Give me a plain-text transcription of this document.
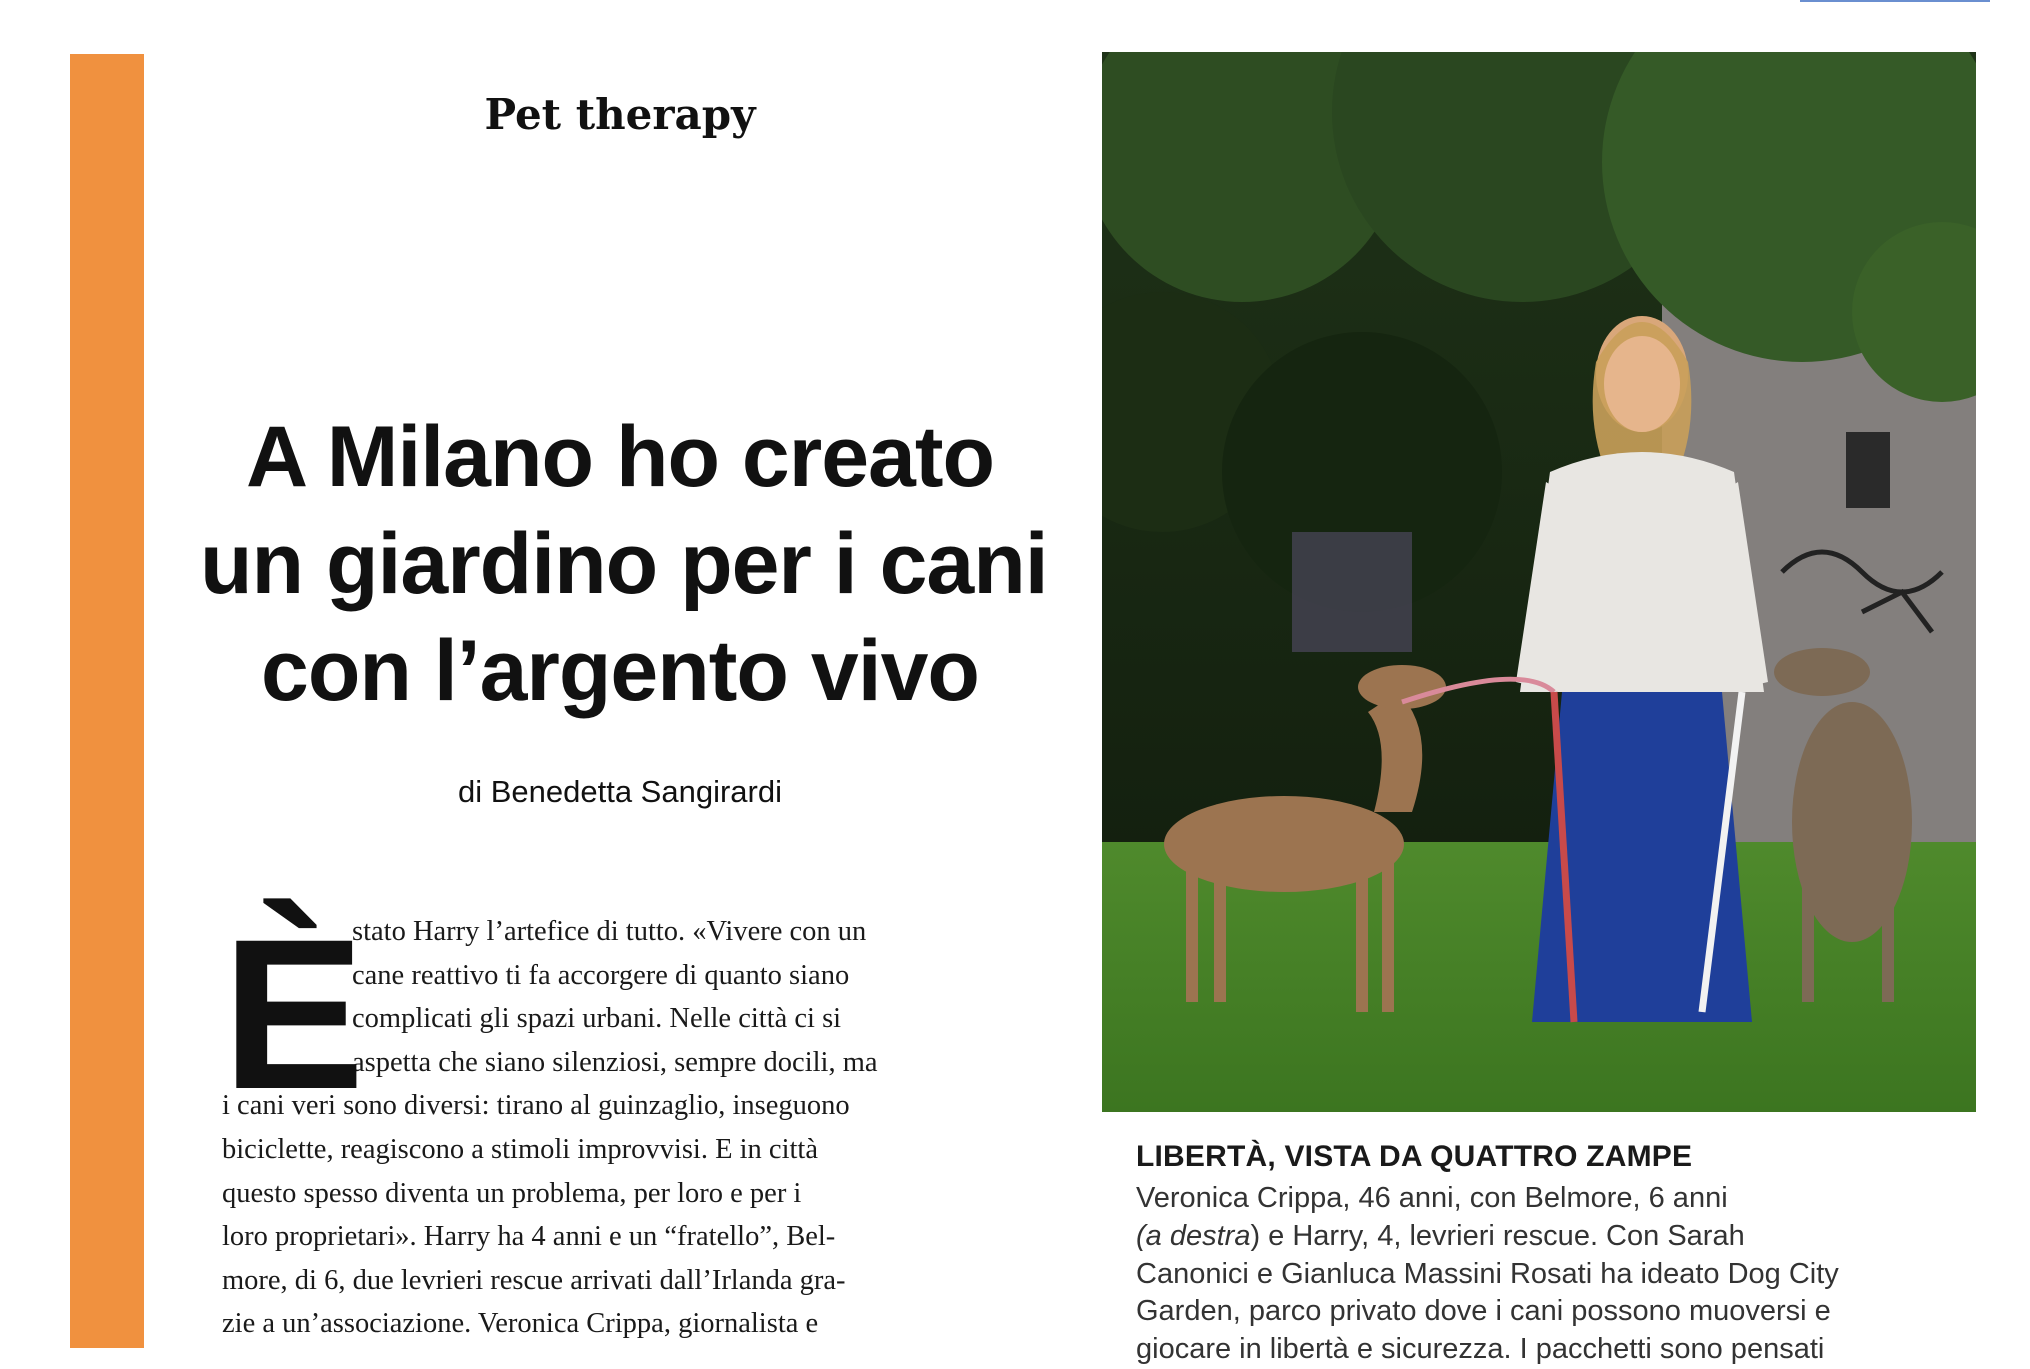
Pet therapy
A Milano ho creato
un giardino per i cani
con l’argento vivo
di Benedetta Sangirardi
È
stato Harry l’artefice di tutto. «Vivere con un
cane reattivo ti fa accorgere di quanto siano
complicati gli spazi urbani. Nelle città ci si
aspetta che siano silenziosi, sempre docili, ma
i cani veri sono diversi: tirano al guinzaglio, inseguono
biciclette, reagiscono a stimoli improvvisi. E in città
questo spesso diventa un problema, per loro e per i
loro proprietari». Harry ha 4 anni e un “fratello”, Bel-
more, di 6, due levrieri rescue arrivati dall’Irlanda gra-
zie a un’associazione. Veronica Crippa, giornalista e
LIBERTÀ, VISTA DA QUATTRO ZAMPE
Veronica Crippa, 46 anni, con Belmore, 6 anni
(a destra) e Harry, 4, levrieri rescue. Con Sarah
Canonici e Gianluca Massini Rosati ha ideato Dog City
Garden, parco privato dove i cani possono muoversi e
giocare in libertà e sicurezza. I pacchetti sono pensati
